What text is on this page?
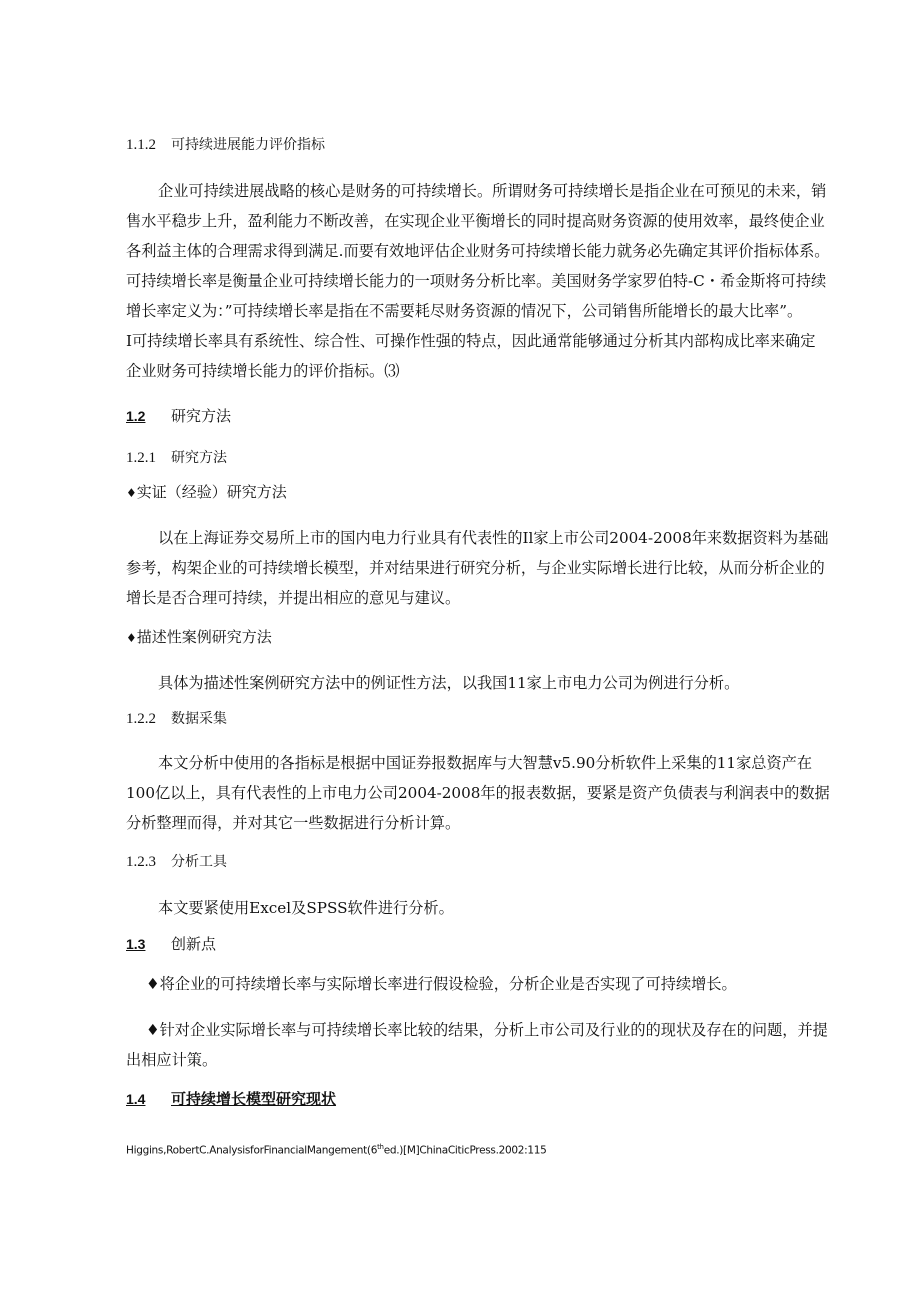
1.1.2 可持续进展能力评价指标
企业可持续进展战略的核心是财务的可持续增长。所谓财务可持续增长是指企业在可预见的未来，销
售水平稳步上升，盈利能力不断改善，在实现企业平衡增长的同时提高财务资源的使用效率，最终使企业
各利益主体的合理需求得到满足.而要有效地评估企业财务可持续增长能力就务必先确定其评价指标体系。
可持续增长率是衡量企业可持续增长能力的一项财务分析比率。美国财务学家罗伯特-C・希金斯将可持续
增长率定义为：”可持续增长率是指在不需要耗尽财务资源的情况下，公司销售所能增长的最大比率”。
I可持续增长率具有系统性、综合性、可操作性强的特点，因此通常能够通过分析其内部构成比率来确定
企业财务可持续增长能力的评价指标。⑶
1.2 研究方法
1.2.1 研究方法
♦实证（经验）研究方法
以在上海证券交易所上市的国内电力行业具有代表性的Il家上市公司2004-2008年来数据资料为基础
参考，构架企业的可持续增长模型，并对结果进行研究分析，与企业实际增长进行比较，从而分析企业的
增长是否合理可持续，并提出相应的意见与建议。
♦描述性案例研究方法
具体为描述性案例研究方法中的例证性方法，以我国11家上市电力公司为例进行分析。
1.2.2 数据采集
本文分析中使用的各指标是根据中国证券报数据库与大智慧v5.90分析软件上采集的11家总资产在
100亿以上，具有代表性的上市电力公司2004-2008年的报表数据，要紧是资产负债表与利润表中的数据
分析整理而得，并对其它一些数据进行分析计算。
1.2.3 分析工具
本文要紧使用Excel及SPSS软件进行分析。
1.3 创新点
♦将企业的可持续增长率与实际增长率进行假设检验，分析企业是否实现了可持续增长。
♦针对企业实际增长率与可持续增长率比较的结果，分析上市公司及行业的的现状及存在的问题，并提
出相应计策。
1.4 可持续增长模型研究现状
Higgins,RobertC.AnalysisforFinancialMangement(6thed.)[M]ChinaCiticPress.2002:115
